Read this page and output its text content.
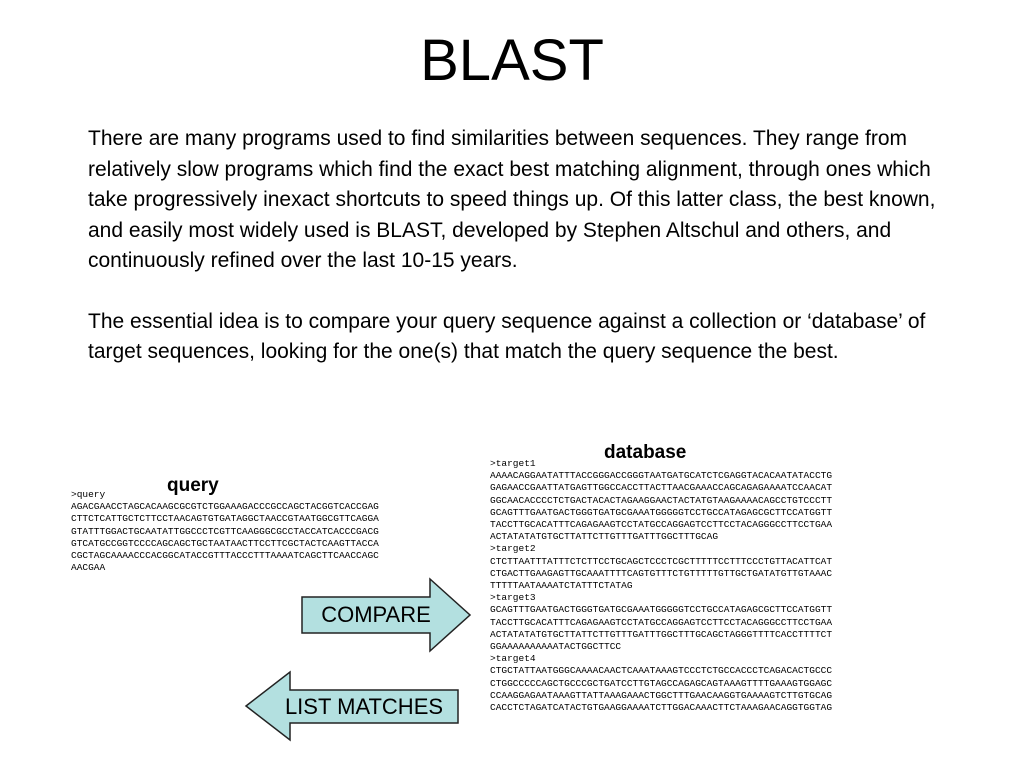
BLAST

There are many programs used to find similarities between sequences. They range from relatively slow programs which find the exact best matching alignment, through ones which take progressively inexact shortcuts to speed things up. Of this latter class, the best known, and easily most widely used is BLAST, developed by Stephen Altschul and others, and continuously refined over the last 10-15 years.

The essential idea is to compare your query sequence against a collection or ‘database’ of target sequences, looking for the one(s) that match the query sequence the best.

query
>query
AGACGAACCTAGCACAAGCGCGTCTGGAAAGACCCGCCAGCTACGGTCACCGAG
CTTCTCATTGCTCTTCCTAACAGTGTGATAGGCTAACCGTAATGGCGTTCAGGA
GTATTTGGACTGCAATATTGGCCCTCGTTCAAGGGCGCCTACCATCACCCGACG
GTCATGCCGGTCCCCAGCAGCTGCTAATAACTTCCTTCGCTACTCAAGTTACCA
CGCTAGCAAAACCCACGGCATACCGTTTACCCTTTAAAATCAGCTTCAACCAGC
AACGAA
database
>target1
AAAACAGGAATATTTACCGGGACCGGGTAATGATGCATCTCGAGGTACACAATATACCTG
GAGAACCGAATTATGAGTTGGCCACCTTACTTAACGAAACCAGCAGAGAAAATCCAACAT
GGCAACACCCCTCTGACTACACTAGAAGGAACTACTATGTAAGAAAACAGCCTGTCCCTT
GCAGTTTGAATGACTGGGTGATGCGAAATGGGGGTCCTGCCATAGAGCGCTTCCATGGTT
TACCTTGCACATTTCAGAGAAGTCCTATGCCAGGAGTCCTTCCTACAGGGCCTTCCTGAA
ACTATATATGTGCTTATTCTTGTTTGATTTGGCTTTGCAG
>target2
CTCTTAATTTATTTCTCTTCCTGCAGCTCCCTCGCTTTTTCCTTTCCCTGTTACATTCAT
CTGACTTGAAGAGTTGCAAATTTTCAGTGTTTCTGTTTTTGTTGCTGATATGTTGTAAAC
TTTTTAATAAAATCTATTTCTATAG
>target3
GCAGTTTGAATGACTGGGTGATGCGAAATGGGGGTCCTGCCATAGAGCGCTTCCATGGTT
TACCTTGCACATTTCAGAGAAGTCCTATGCCAGGAGTCCTTCCTACAGGGCCTTCCTGAA
ACTATATATGTGCTTATTCTTGTTTGATTTGGCTTTGCAGCTAGGGTTTTCACCTTTTCT
GGAAAAAAAAAATACTGGCTTCC
>target4
CTGCTATTAATGGGCAAAACAACTCAAATAAAGTCCCTCTGCCACCCTCAGACACTGCCC
CTGGCCCCCAGCTGCCCGCTGATCCTTGTAGCCAGAGCAGTAAAGTTTTGAAAGTGGAGC
CCAAGGAGAATAAAGTTATTAAAGAAACTGGCTTTGAACAAGGTGAAAAGTCTTGTGCAG
CACCTCTAGATCATACTGTGAAGGAAAATCTTGGACAAACTTCTAAAGAACAGGTGGTAG
COMPARE
LIST MATCHES
